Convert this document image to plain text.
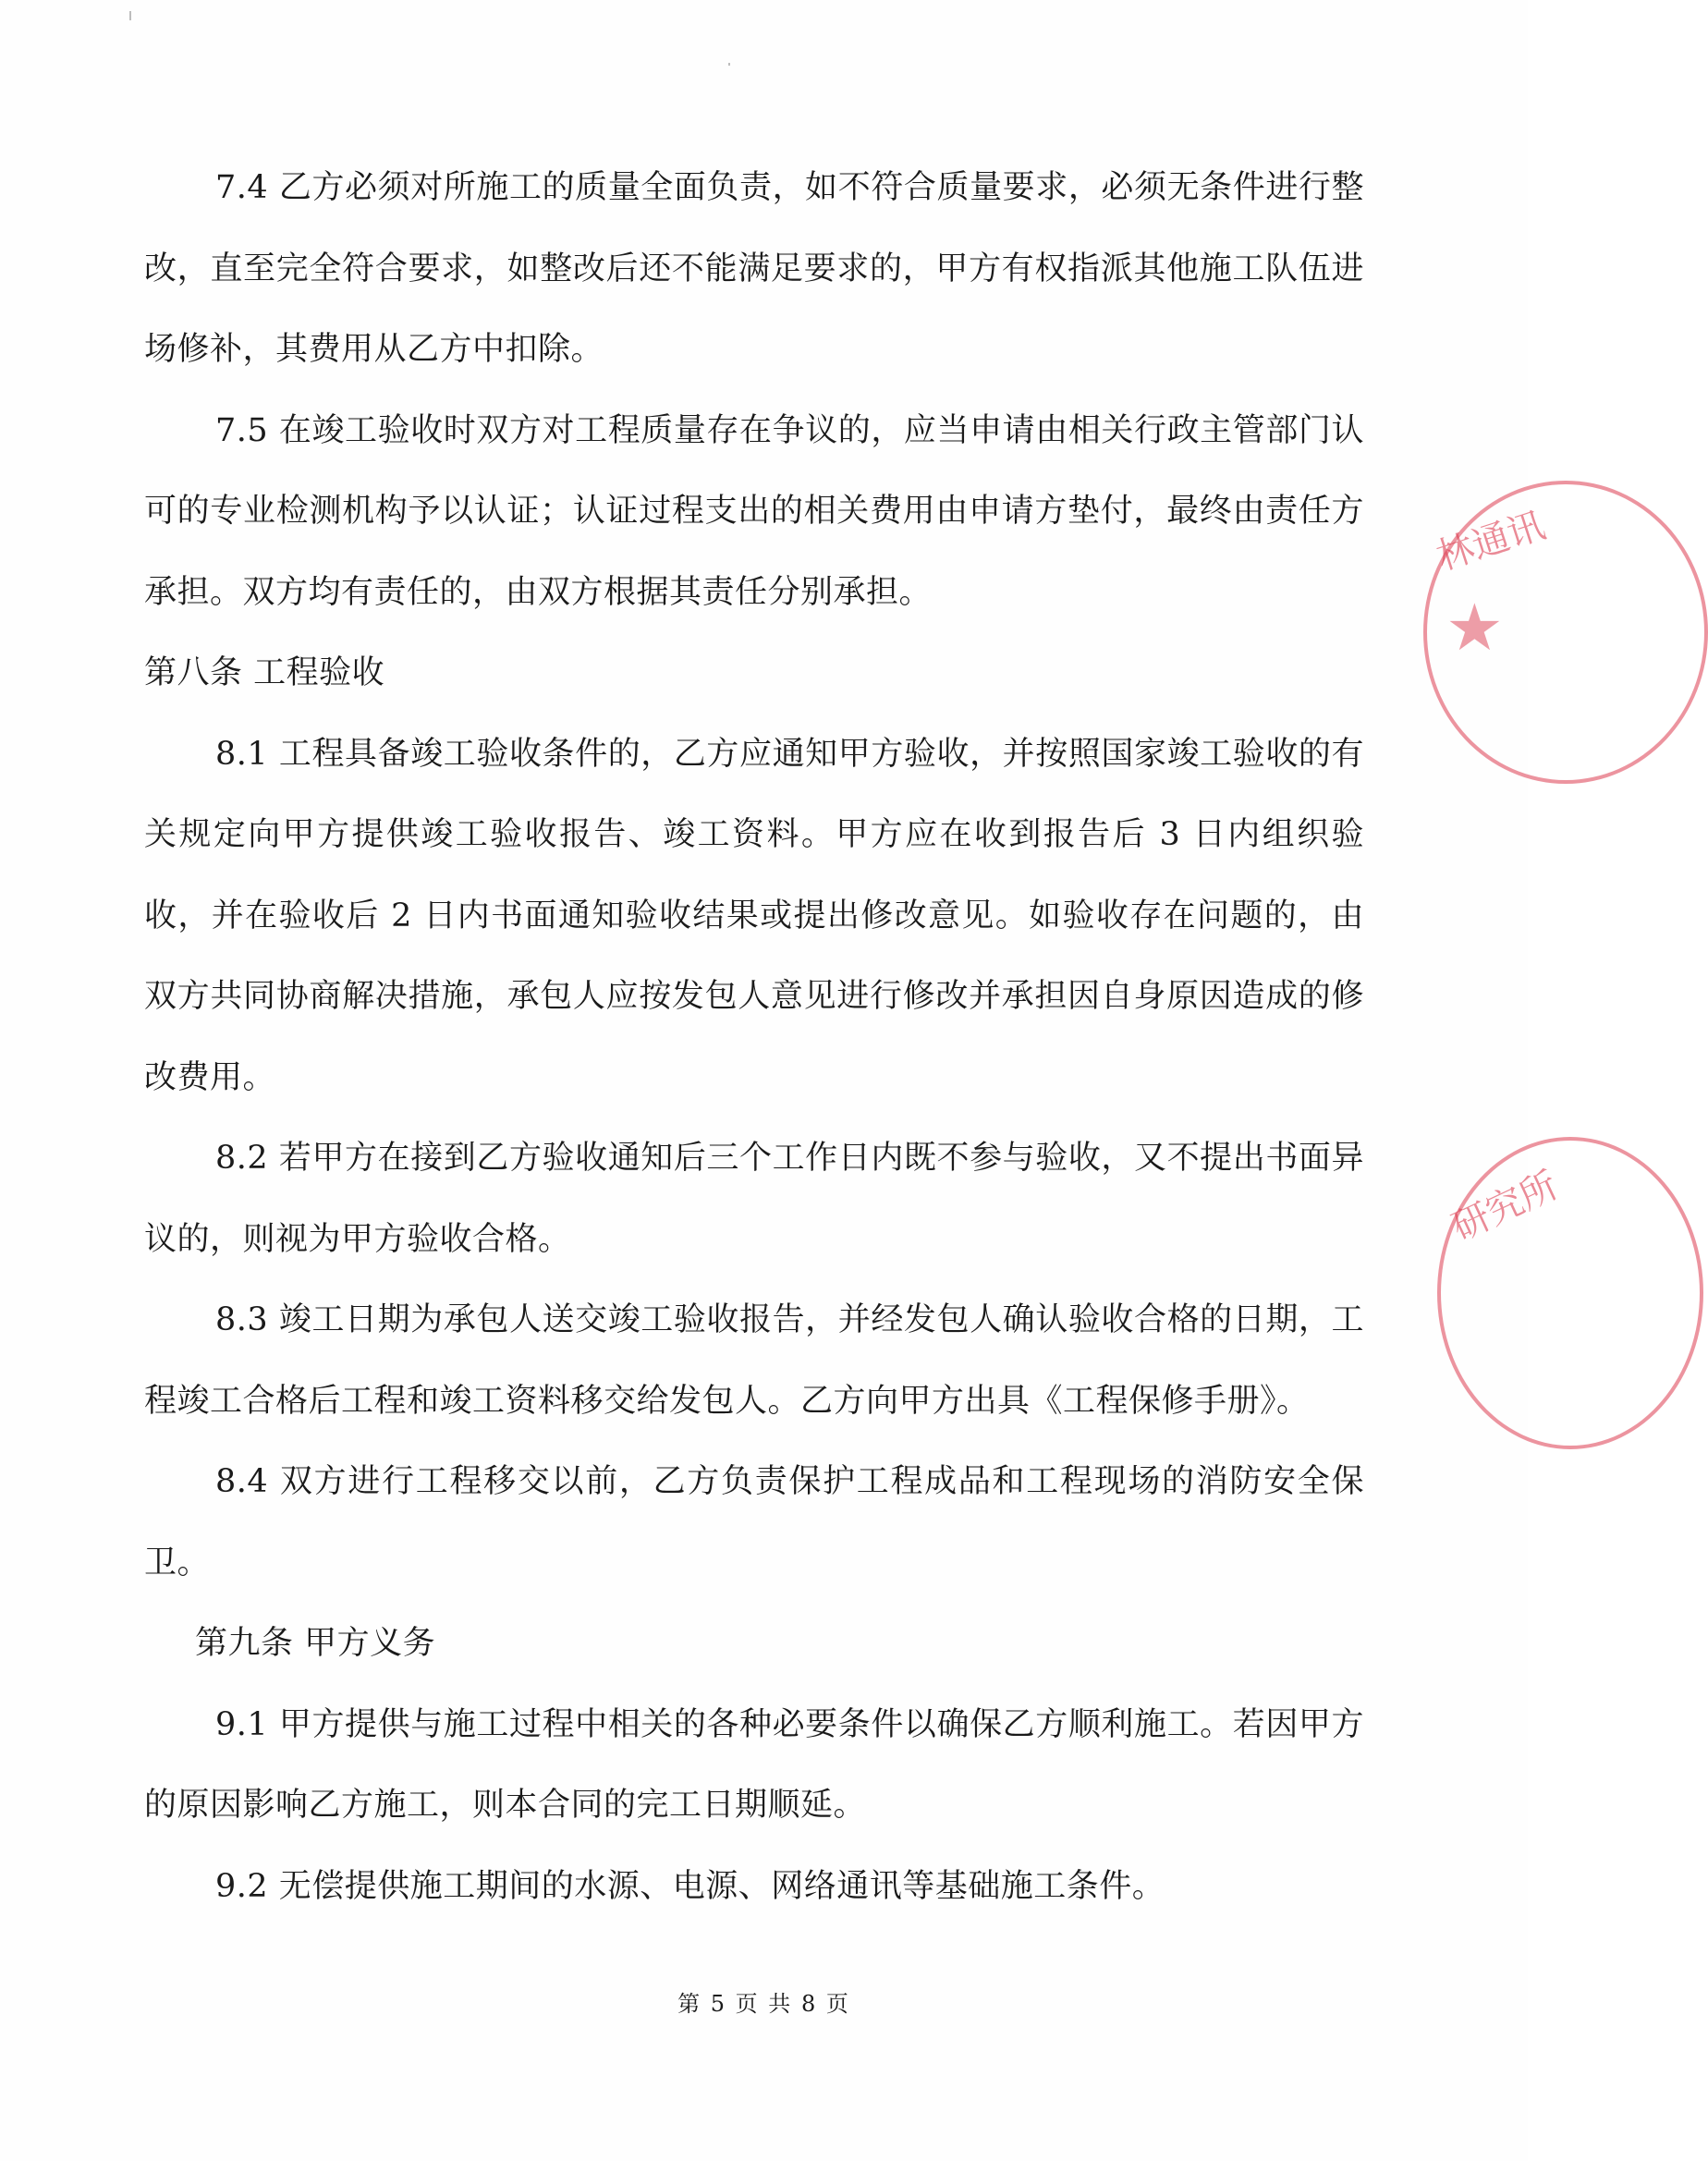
7.4 乙方必须对所施工的质量全面负责，如不符合质量要求，必须无条件进行整改，直至完全符合要求，如整改后还不能满足要求的，甲方有权指派其他施工队伍进场修补，其费用从乙方中扣除。

7.5 在竣工验收时双方对工程质量存在争议的，应当申请由相关行政主管部门认可的专业检测机构予以认证；认证过程支出的相关费用由申请方垫付，最终由责任方承担。双方均有责任的，由双方根据其责任分别承担。

第八条 工程验收

8.1 工程具备竣工验收条件的，乙方应通知甲方验收，并按照国家竣工验收的有关规定向甲方提供竣工验收报告、竣工资料。甲方应在收到报告后 3 日内组织验收，并在验收后 2 日内书面通知验收结果或提出修改意见。如验收存在问题的，由双方共同协商解决措施，承包人应按发包人意见进行修改并承担因自身原因造成的修改费用。

8.2 若甲方在接到乙方验收通知后三个工作日内既不参与验收，又不提出书面异议的，则视为甲方验收合格。

8.3 竣工日期为承包人送交竣工验收报告，并经发包人确认验收合格的日期，工程竣工合格后工程和竣工资料移交给发包人。乙方向甲方出具《工程保修手册》。

8.4 双方进行工程移交以前，乙方负责保护工程成品和工程现场的消防安全保卫。

第九条 甲方义务

9.1 甲方提供与施工过程中相关的各种必要条件以确保乙方顺利施工。若因甲方的原因影响乙方施工，则本合同的完工日期顺延。

9.2 无偿提供施工期间的水源、电源、网络通讯等基础施工条件。

林通讯
★
研究所
第 5 页 共 8 页
